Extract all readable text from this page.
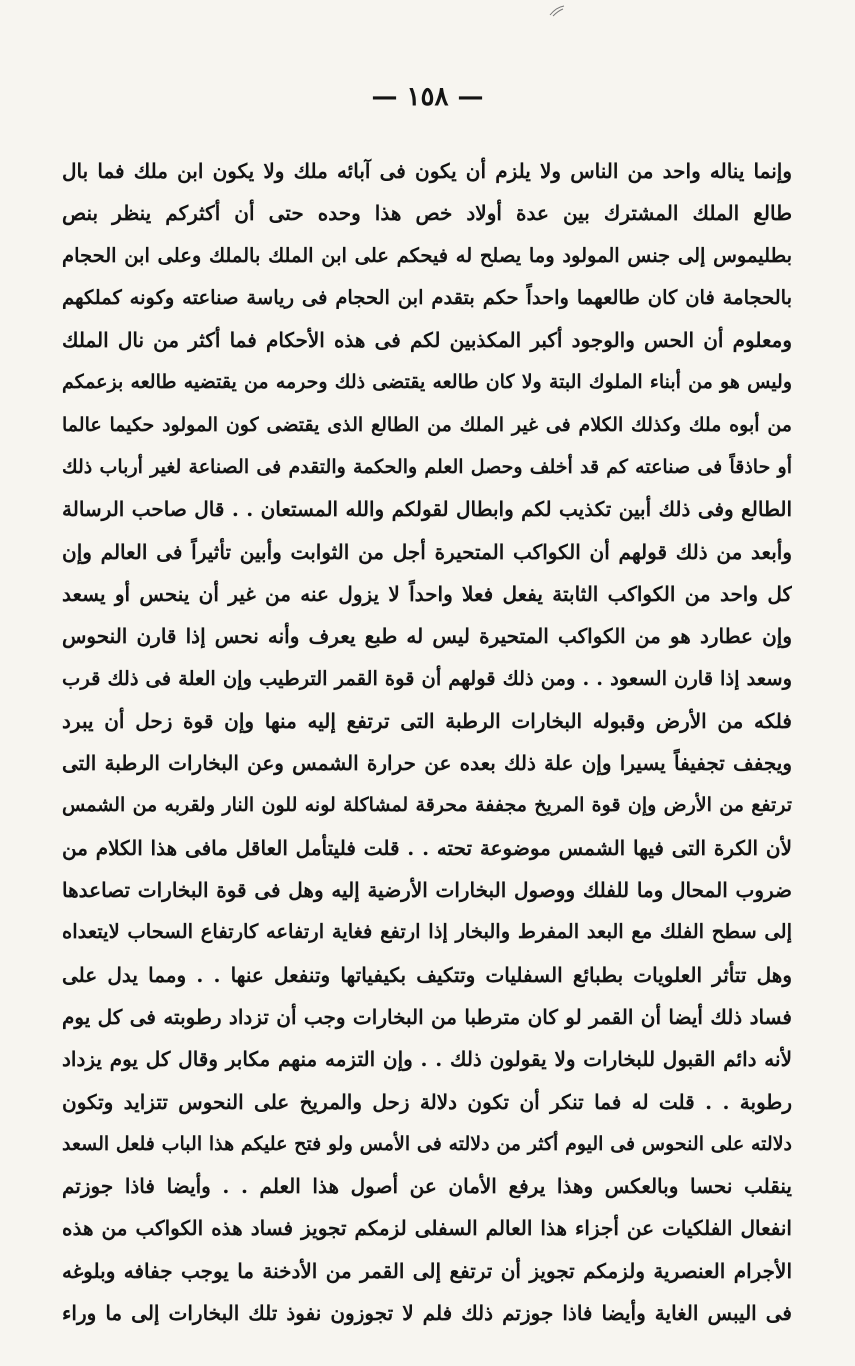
— ١٥٨ —
وإنما يناله واحد من الناس ولا يلزم أن يكون فى آبائه ملك ولا يكون ابن ملك فما بال
طالع الملك المشترك بين عدة أولاد خص هذا وحده حتى أن أكثركم ينظر بنص
بطليموس إلى جنس المولود وما يصلح له فيحكم على ابن الملك بالملك وعلى ابن الحجام
بالحجامة فان كان طالعهما واحداً حكم بتقدم ابن الحجام فى رياسة صناعته وكونه كملكهم
ومعلوم أن الحس والوجود أكبر المكذبين لكم فى هذه الأحكام فما أكثر من نال الملك
وليس هو من أبناء الملوك البتة ولا كان طالعه يقتضى ذلك وحرمه من يقتضيه طالعه بزعمكم
من أبوه ملك وكذلك الكلام فى غير الملك من الطالع الذى يقتضى كون المولود حكيما عالما
أو حاذقاً فى صناعته كم قد أخلف وحصل العلم والحكمة والتقدم فى الصناعة لغير أرباب ذلك
الطالع وفى ذلك أبين تكذيب لكم وابطال لقولكم والله المستعان . . قال صاحب الرسالة
وأبعد من ذلك قولهم أن الكواكب المتحيرة أجل من الثوابت وأبين تأثيراً فى العالم وإن
كل واحد من الكواكب الثابتة يفعل فعلا واحداً لا يزول عنه من غير أن ينحس أو يسعد
وإن عطارد هو من الكواكب المتحيرة ليس له طبع يعرف وأنه نحس إذا قارن النحوس
وسعد إذا قارن السعود . . ومن ذلك قولهم أن قوة القمر الترطيب وإن العلة فى ذلك قرب
فلكه من الأرض وقبوله البخارات الرطبة التى ترتفع إليه منها وإن قوة زحل أن يبرد
ويجفف تجفيفاً يسيرا وإن علة ذلك بعده عن حرارة الشمس وعن البخارات الرطبة التى
ترتفع من الأرض وإن قوة المريخ مجففة محرقة لمشاكلة لونه للون النار ولقربه من الشمس
لأن الكرة التى فيها الشمس موضوعة تحته . . قلت فليتأمل العاقل مافى هذا الكلام من
ضروب المحال وما للفلك ووصول البخارات الأرضية إليه وهل فى قوة البخارات تصاعدها
إلى سطح الفلك مع البعد المفرط والبخار إذا ارتفع فغاية ارتفاعه كارتفاع السحاب لايتعداه
وهل تتأثر العلويات بطبائع السفليات وتتكيف بكيفياتها وتنفعل عنها . . ومما يدل على
فساد ذلك أيضا أن القمر لو كان مترطبا من البخارات وجب أن تزداد رطوبته فى كل يوم
لأنه دائم القبول للبخارات ولا يقولون ذلك . . وإن التزمه منهم مكابر وقال كل يوم يزداد
رطوبة . . قلت له فما تنكر أن تكون دلالة زحل والمريخ على النحوس تتزايد وتكون
دلالته على النحوس فى اليوم أكثر من دلالته فى الأمس ولو فتح عليكم هذا الباب فلعل السعد
ينقلب نحسا وبالعكس وهذا يرفع الأمان عن أصول هذا العلم . . وأيضا فاذا جوزتم
انفعال الفلكيات عن أجزاء هذا العالم السفلى لزمكم تجويز فساد هذه الكواكب من هذه
الأجرام العنصرية ولزمكم تجويز أن ترتفع إلى القمر من الأدخنة ما يوجب جفافه وبلوغه
فى اليبس الغاية وأيضا فاذا جوزتم ذلك فلم لا تجوزون نفوذ تلك البخارات إلى ما وراء
